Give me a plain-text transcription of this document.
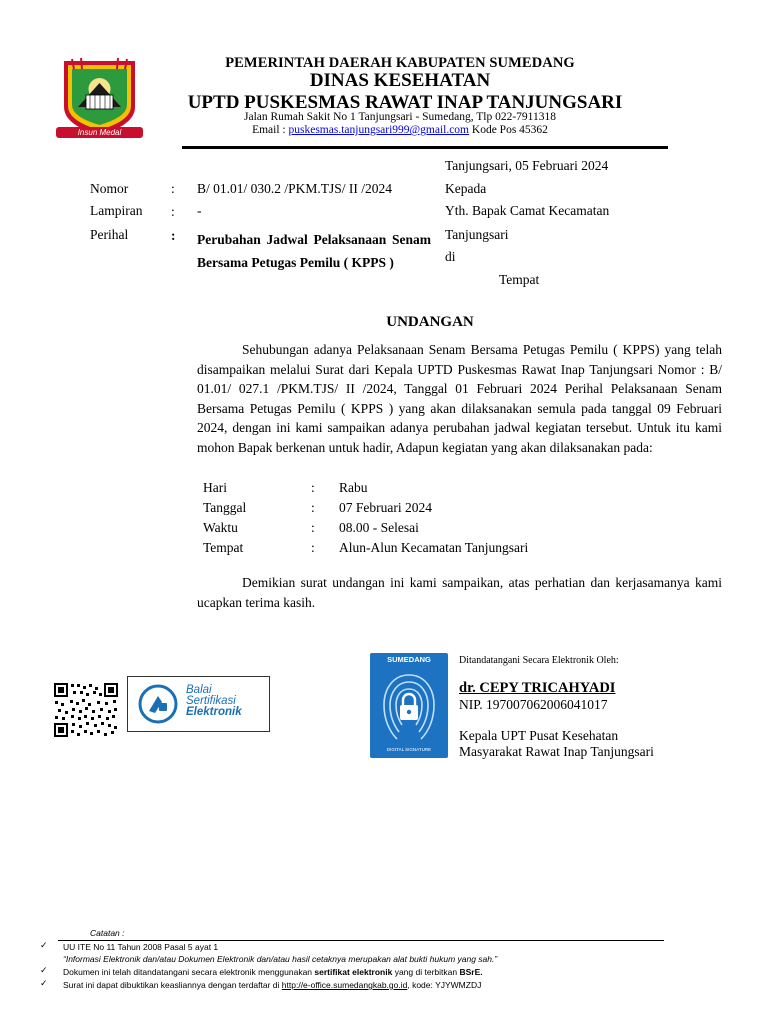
Insun Medal
PEMERINTAH DAERAH KABUPATEN SUMEDANG
DINAS KESEHATAN
UPTD PUSKESMAS RAWAT INAP TANJUNGSARI
Jalan Rumah Sakit No 1 Tanjungsari - Sumedang, Tlp 022-7911318
Email : puskesmas.tanjungsari999@gmail.com Kode Pos 45362
Tanjungsari, 05 Februari 2024
Nomor	:	B/ 01.01/ 030.2 /PKM.TJS/ II /2024
Lampiran	:	-
Perihal	:	Perubahan Jadwal Pelaksanaan Senam Bersama Petugas Pemilu ( KPPS )
Kepada
Yth. Bapak Camat Kecamatan
Tanjungsari
di
Tempat
UNDANGAN
Sehubungan adanya Pelaksanaan Senam Bersama Petugas Pemilu ( KPPS) yang telah disampaikan melalui Surat dari Kepala UPTD Puskesmas Rawat Inap Tanjungsari Nomor : B/ 01.01/ 027.1 /PKM.TJS/ II /2024, Tanggal 01 Februari 2024 Perihal Pelaksanaan Senam Bersama Petugas Pemilu ( KPPS ) yang akan dilaksanakan semula pada tanggal 09 Februari 2024, dengan ini kami sampaikan adanya perubahan jadwal kegiatan tersebut. Untuk itu kami mohon Bapak berkenan untuk hadir, Adapun kegiatan yang akan dilaksanakan pada:
Hari	:	Rabu
Tanggal	:	07 Februari 2024
Waktu	:	08.00 - Selesai
Tempat	:	Alun-Alun Kecamatan Tanjungsari
Demikian surat undangan ini kami sampaikan, atas perhatian dan kerjasamanya kami ucapkan terima kasih.
Balai
Sertifikasi
Elektronik
SUMEDANG
DIGITAL SIGNATURE
Ditandatangani Secara Elektronik Oleh:
dr. CEPY TRICAHYADI
NIP. 197007062006041017
Kepala UPT Pusat Kesehatan
Masyarakat Rawat Inap Tanjungsari
Catatan :
✓ UU ITE No 11 Tahun 2008 Pasal 5 ayat 1
“Informasi Elektronik dan/atau Dokumen Elektronik dan/atau hasil cetaknya merupakan alat bukti hukum yang sah.”
✓ Dokumen ini telah ditandatangani secara elektronik menggunakan sertifikat elektronik yang di terbitkan BSrE.
✓ Surat ini dapat dibuktikan keasliannya dengan terdaftar di http://e-office.sumedangkab.go.id, kode: YJYWMZDJ
